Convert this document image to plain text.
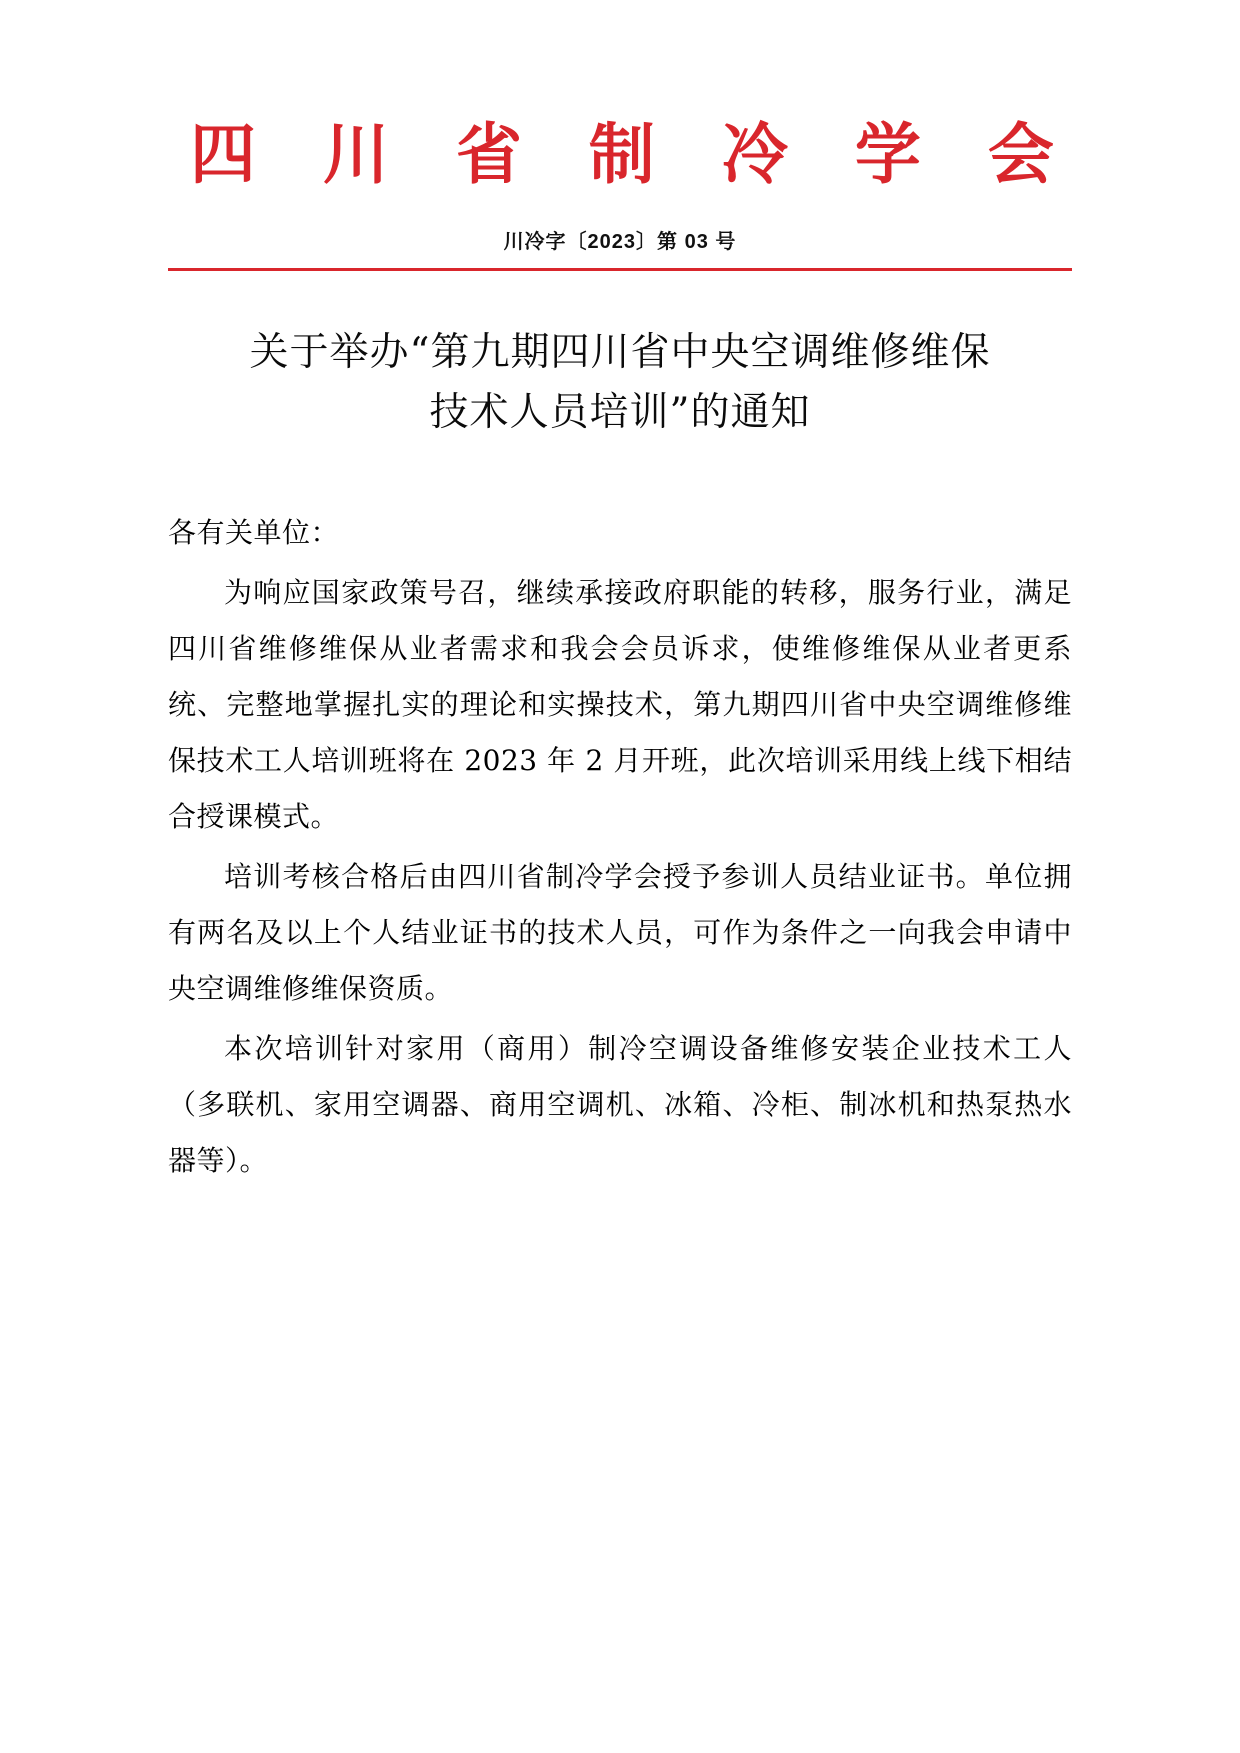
四 川 省 制 冷 学 会
川冷字〔2023〕第 03 号
关于举办“第九期四川省中央空调维修维保
技术人员培训”的通知

各有关单位：

为响应国家政策号召，继续承接政府职能的转移，服务行业，满足四川省维修维保从业者需求和我会会员诉求，使维修维保从业者更系统、完整地掌握扎实的理论和实操技术，第九期四川省中央空调维修维保技术工人培训班将在 2023 年 2 月开班，此次培训采用线上线下相结合授课模式。

培训考核合格后由四川省制冷学会授予参训人员结业证书。单位拥有两名及以上个人结业证书的技术人员，可作为条件之一向我会申请中央空调维修维保资质。

本次培训针对家用（商用）制冷空调设备维修安装企业技术工人（多联机、家用空调器、商用空调机、冰箱、冷柜、制冰机和热泵热水器等）。
